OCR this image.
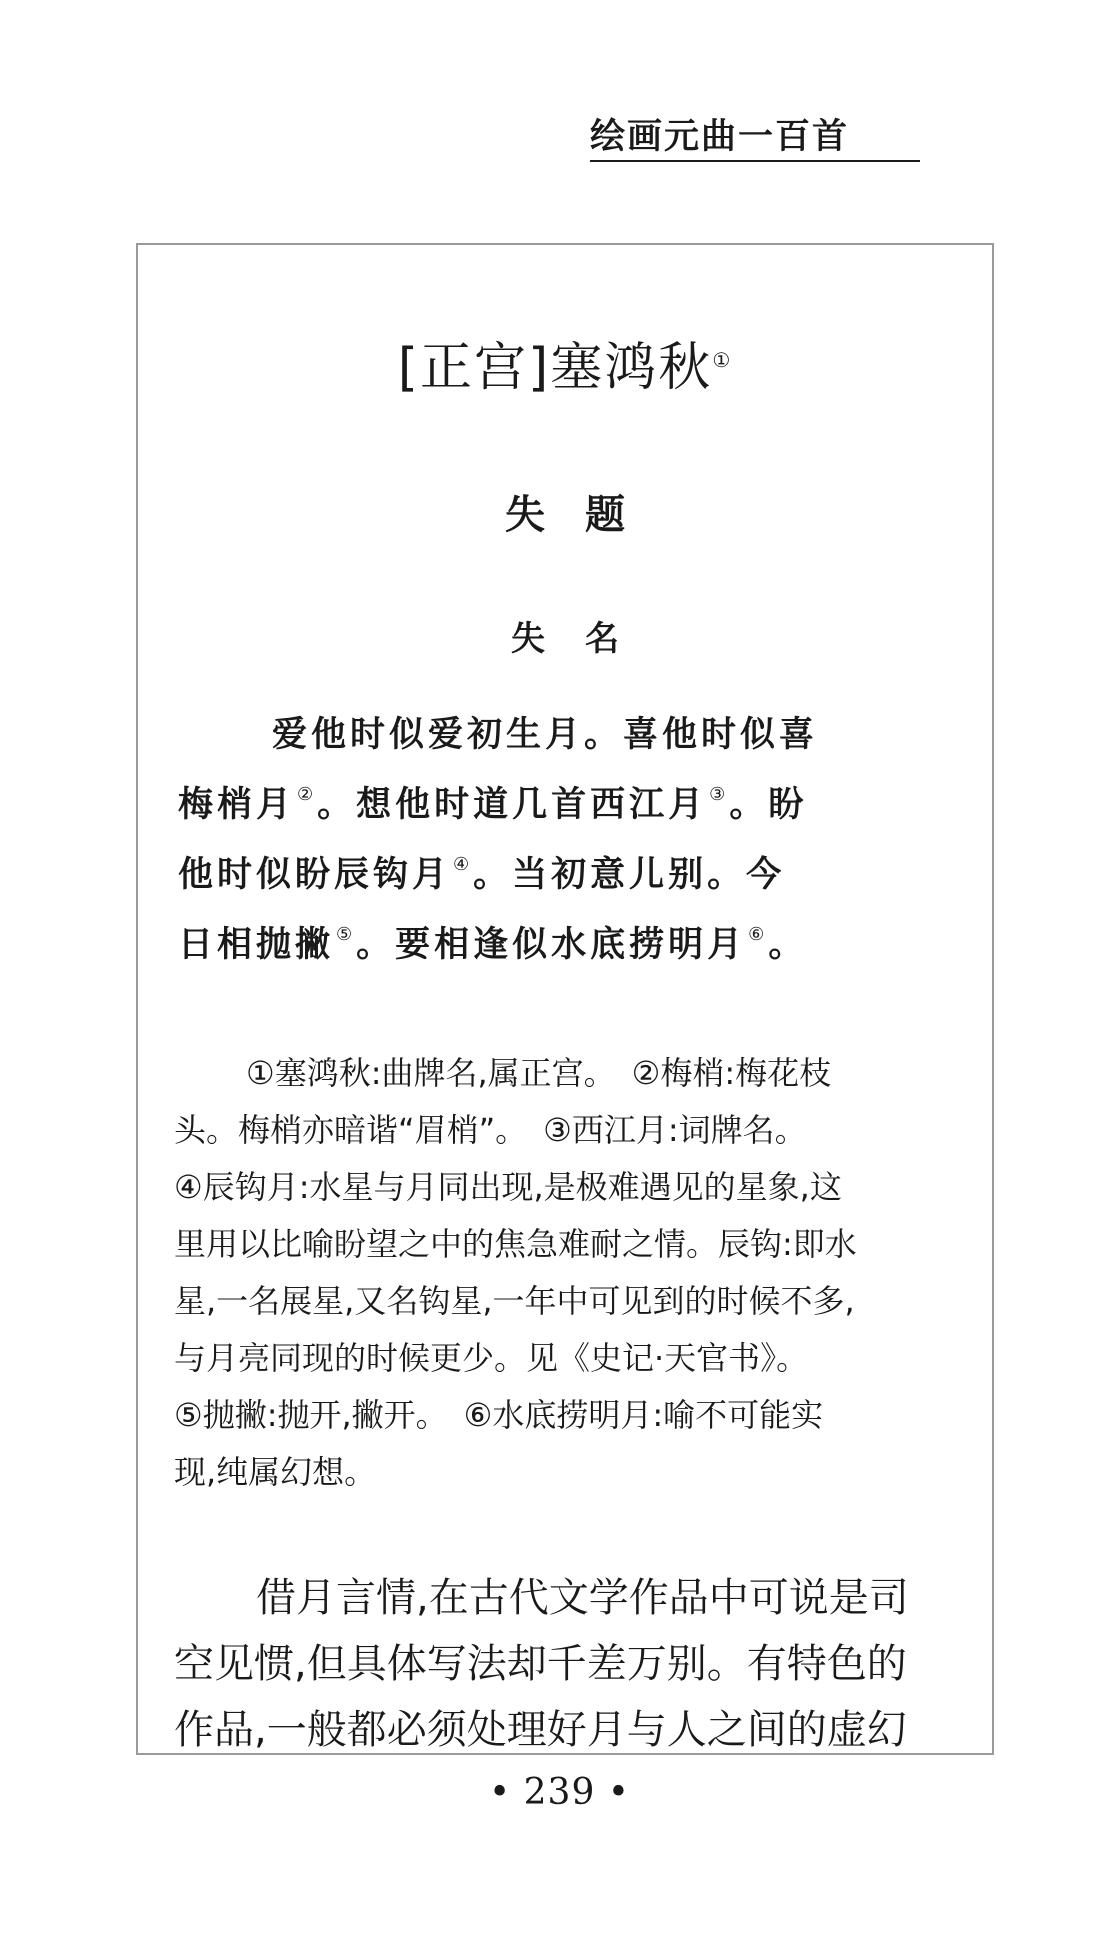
绘画元曲一百首
[正宫]塞鸿秋①
失题
失名
爱他时似爱初生月。喜他时似喜
梅梢月 ②。想他时道几首西江月 ③。盼
他时似盼辰钩月 ④。当初意儿别。今
日相抛撇 ⑤。要相逢似水底捞明月 ⑥。
①塞鸿秋:曲牌名,属正宫。　②梅梢:梅花枝
头。梅梢亦暗谐“眉梢”。　③西江月:词牌名。
④辰钩月:水星与月同出现,是极难遇见的星象,这
里用以比喻盼望之中的焦急难耐之情。辰钩:即水
星,一名展星,又名钩星,一年中可见到的时候不多,
与月亮同现的时候更少。见《史记·天官书》。
⑤抛撇:抛开,撇开。　⑥水底捞明月:喻不可能实
现,纯属幻想。
借月言情,在古代文学作品中可说是司
空见惯,但具体写法却千差万别。有特色的
作品,一般都必须处理好月与人之间的虚幻
• 239 •
